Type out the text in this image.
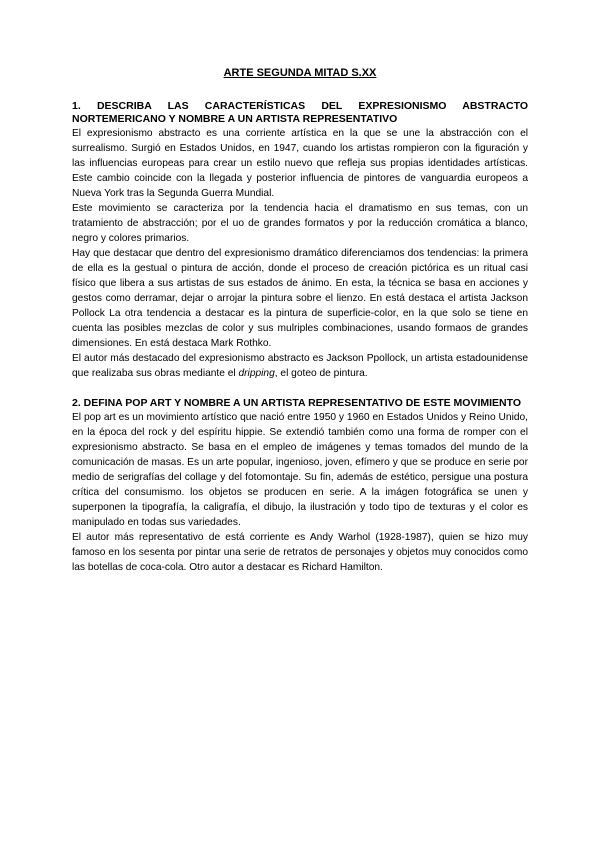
ARTE SEGUNDA MITAD S.XX
1. DESCRIBA LAS CARACTERÍSTICAS DEL EXPRESIONISMO ABSTRACTO NORTEMERICANO Y NOMBRE A UN ARTISTA REPRESENTATIVO

El expresionismo abstracto es una corriente artística en la que se une la abstracción con el surrealismo. Surgió en Estados Unidos, en 1947, cuando los artistas rompieron con la figuración y las influencias europeas para crear un estilo nuevo que refleja sus propias identidades artísticas. Este cambio coincide con la llegada y posterior influencia de pintores de vanguardia europeos a Nueva York tras la Segunda Guerra Mundial.

Este movimiento se caracteriza por la tendencia hacia el dramatismo en sus temas, con un tratamiento de abstracción; por el uo de grandes formatos y por la reducción cromática a blanco, negro y colores primarios.

Hay que destacar que dentro del expresionismo dramático diferenciamos dos tendencias: la primera de ella es la gestual o pintura de acción, donde el proceso de creación pictórica es un ritual casi físico que libera a sus artistas de sus estados de ánimo. En esta, la técnica se basa en acciones y gestos como derramar, dejar o arrojar la pintura sobre el lienzo. En está destaca el artista Jackson Pollock La otra tendencia a destacar es la pintura de superficie-color, en la que solo se tiene en cuenta las posibles mezclas de color y sus mulriples combinaciones, usando formaos de grandes dimensiones. En está destaca Mark Rothko.

El autor más destacado del expresionismo abstracto es Jackson Ppollock, un artista estadounidense que realizaba sus obras mediante el dripping, el goteo de pintura.

2. DEFINA POP ART Y NOMBRE A UN ARTISTA REPRESENTATIVO DE ESTE MOVIMIENTO

El pop art es un movimiento artístico que nació entre 1950 y 1960 en Estados Unidos y Reino Unido, en la época del rock y del espíritu hippie. Se extendió también como una forma de romper con el expresionismo abstracto. Se basa en el empleo de imágenes y temas tomados del mundo de la comunicación de masas. Es un arte popular, ingenioso, joven, efímero y que se produce en serie por medio de serigrafías del collage y del fotomontaje. Su fin, además de estético, persigue una postura crítica del consumismo. los objetos se producen en serie. A la imágen fotográfica se unen y superponen la tipografía, la caligrafía, el dibujo, la ilustración y todo tipo de texturas y el color es manipulado en todas sus variedades.

El autor más representativo de está corriente es Andy Warhol (1928-1987), quien se hizo muy famoso en los sesenta por pintar una serie de retratos de personajes y objetos muy conocidos como las botellas de coca-cola. Otro autor a destacar es Richard Hamilton.
